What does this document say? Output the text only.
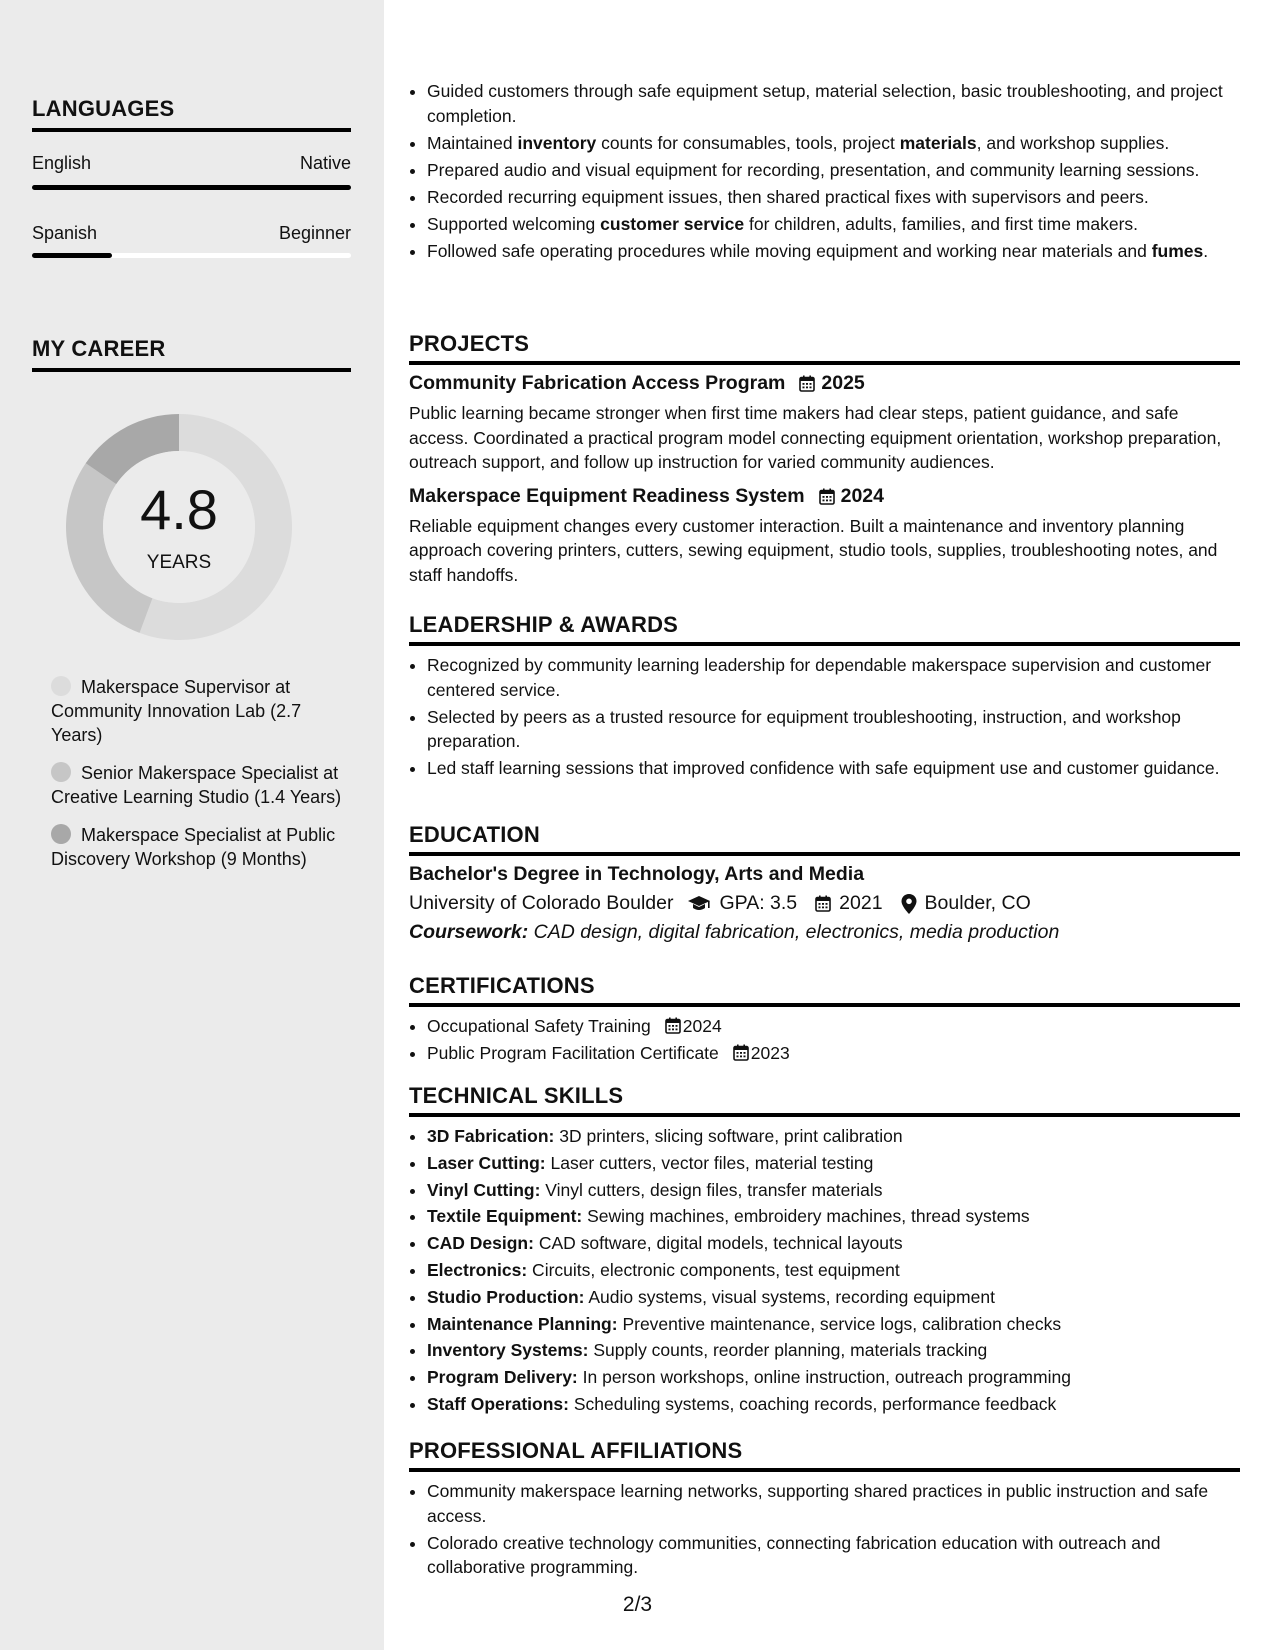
LANGUAGES
English	Native
Spanish	Beginner
MY CAREER
4.8
YEARS
Makerspace Supervisor at Community Innovation Lab (2.7 Years)
Senior Makerspace Specialist at Creative Learning Studio (1.4 Years)
Makerspace Specialist at Public Discovery Workshop (9 Months)
• Guided customers through safe equipment setup, material selection, basic troubleshooting, and project completion.
• Maintained inventory counts for consumables, tools, project materials, and workshop supplies.
• Prepared audio and visual equipment for recording, presentation, and community learning sessions.
• Recorded recurring equipment issues, then shared practical fixes with supervisors and peers.
• Supported welcoming customer service for children, adults, families, and first time makers.
• Followed safe operating procedures while moving equipment and working near materials and fumes.
PROJECTS
Community Fabrication Access Program 2025
Public learning became stronger when first time makers had clear steps, patient guidance, and safe access. Coordinated a practical program model connecting equipment orientation, workshop preparation, outreach support, and follow up instruction for varied community audiences.
Makerspace Equipment Readiness System 2024
Reliable equipment changes every customer interaction. Built a maintenance and inventory planning approach covering printers, cutters, sewing equipment, studio tools, supplies, troubleshooting notes, and staff handoffs.
LEADERSHIP & AWARDS
• Recognized by community learning leadership for dependable makerspace supervision and customer centered service.
• Selected by peers as a trusted resource for equipment troubleshooting, instruction, and workshop preparation.
• Led staff learning sessions that improved confidence with safe equipment use and customer guidance.
EDUCATION
Bachelor's Degree in Technology, Arts and Media
University of Colorado Boulder GPA: 3.5 2021 Boulder, CO
Coursework: CAD design, digital fabrication, electronics, media production
CERTIFICATIONS
• Occupational Safety Training 2024
• Public Program Facilitation Certificate 2023
TECHNICAL SKILLS
• 3D Fabrication: 3D printers, slicing software, print calibration
• Laser Cutting: Laser cutters, vector files, material testing
• Vinyl Cutting: Vinyl cutters, design files, transfer materials
• Textile Equipment: Sewing machines, embroidery machines, thread systems
• CAD Design: CAD software, digital models, technical layouts
• Electronics: Circuits, electronic components, test equipment
• Studio Production: Audio systems, visual systems, recording equipment
• Maintenance Planning: Preventive maintenance, service logs, calibration checks
• Inventory Systems: Supply counts, reorder planning, materials tracking
• Program Delivery: In person workshops, online instruction, outreach programming
• Staff Operations: Scheduling systems, coaching records, performance feedback
PROFESSIONAL AFFILIATIONS
• Community makerspace learning networks, supporting shared practices in public instruction and safe access.
• Colorado creative technology communities, connecting fabrication education with outreach and collaborative programming.
2/3
